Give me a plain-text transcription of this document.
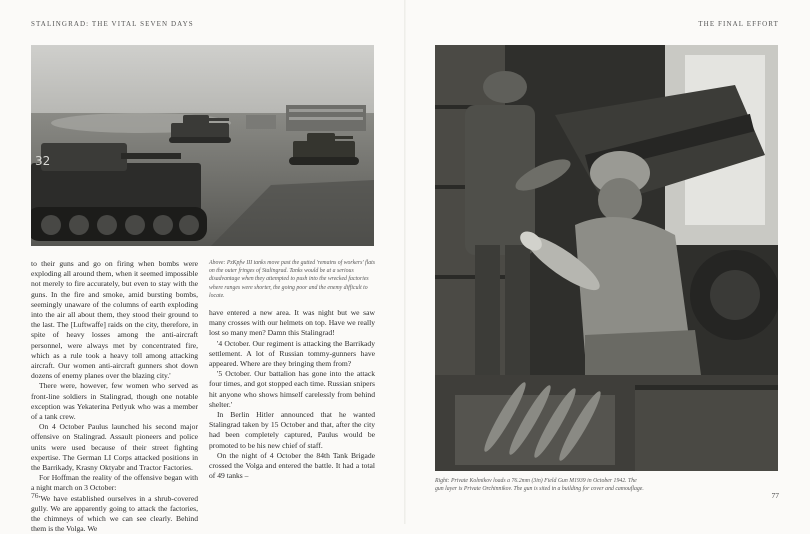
STALINGRAD: THE VITAL SEVEN DAYS	THE FINAL EFFORT
32

to their guns and go on firing when bombs were exploding all around them, when it seemed impossible not merely to fire accurately, but even to stay with the guns. In the fire and smoke, amid bursting bombs, seemingly unaware of the columns of earth exploding into the air all about them, they stood their ground to the last. The [Luftwaffe] raids on the city, therefore, in spite of heavy losses among the anti-aircraft personnel, were always met by concentrated fire, which as a rule took a heavy toll among attacking aircraft. Our women anti-aircraft gunners shot down dozens of enemy planes over the blazing city.'

There were, however, few women who served as front-line soldiers in Stalingrad, though one notable exception was Yekaterina Petlyuk who was a member of a tank crew.

On 4 October Paulus launched his second major offensive on Stalingrad. Assault pioneers and police units were used because of their street fighting expertise. The German LI Corps attacked positions in the Barrikady, Krasny Oktyabr and Tractor Factories.

For Hoffman the reality of the offensive began with a night march on 3 October:

'We have established ourselves in a shrub-covered gully. We are apparently going to attack the factories, the chimneys of which we can see clearly. Behind them is the Volga. We

Above: PzKpfw III tanks move past the gutted 'remains of workers' flats on the outer fringes of Stalingrad. Tanks would be at a serious disadvantage when they attempted to push into the wrecked factories where ranges were shorter, the going poor and the enemy difficult to locate.

have entered a new area. It was night but we saw many crosses with our helmets on top. Have we really lost so many men? Damn this Stalingrad!

'4 October. Our regiment is attacking the Barrikady settlement. A lot of Russian tommy-gunners have appeared. Where are they bringing them from?

'5 October. Our battalion has gone into the attack four times, and got stopped each time. Russian snipers hit anyone who shows himself carelessly from behind shelter.'

In Berlin Hitler announced that he wanted Stalingrad taken by 15 October and that, after the city had been completely captured, Paulus would be promoted to be his new chief of staff.

On the night of 4 October the 84th Tank Brigade crossed the Volga and entered the battle. It had a total of 49 tanks –

Right: Private Kolmikov loads a 76.2mm (3in) Field Gun M1939 in October 1942. The gun layer is Private Orchinnikov. The gun is sited in a building for cover and camouflage.
76	77
